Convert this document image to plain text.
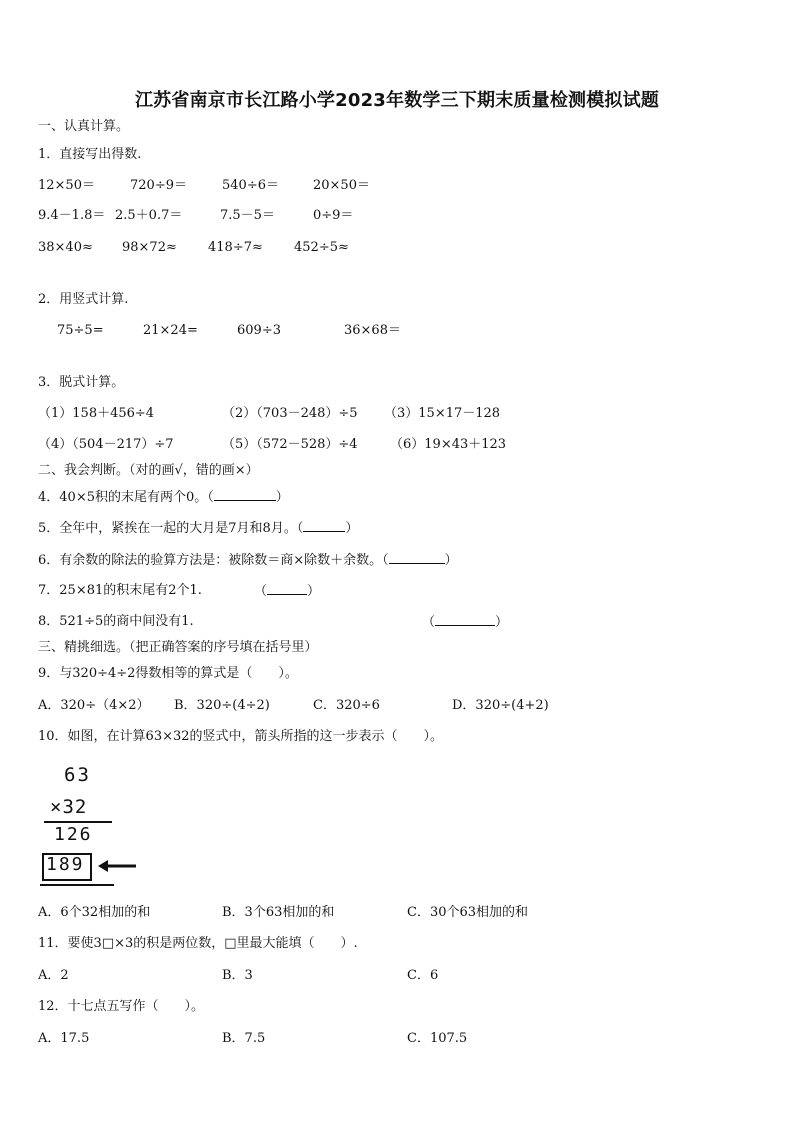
江苏省南京市长江路小学2023年数学三下期末质量检测模拟试题
一、认真计算。
1．直接写出得数.
12×50＝	720÷9＝	540÷6＝	20×50＝
9.4－1.8＝ 2.5＋0.7＝	7.5－5＝	0÷9＝
38×40≈ 98×72≈ 418÷7≈ 452÷5≈
2．用竖式计算.
75÷5=	21×24=	609÷3	36×68＝
3．脱式计算。
（1）158＋456÷4	（2）（703－248）÷5 （3）15×17－128
（4）（504－217）÷7	（5）（572－528）÷4 （6）19×43＋123
二、我会判断。（对的画√，错的画×）
4．40×5积的末尾有两个0。（	）
5．全年中，紧挨在一起的大月是7月和8月。（	）
6．有余数的除法的验算方法是：被除数＝商×除数＋余数。（	）
7．25×81的积末尾有2个1.	（	）
8．521÷5的商中间没有1.	（	）
三、精挑细选。（把正确答案的序号填在括号里）
9．与320÷4÷2得数相等的算式是（　　）。
A．320÷（4×2） B．320÷(4÷2)	C．320÷6	D．320÷(4+2)
10．如图，在计算63×32的竖式中，箭头所指的这一步表示（　　）。
63
×32
126
189
A．6个32相加的和	B．3个63相加的和	C．30个63相加的和
11．要使3□×3的积是两位数，□里最大能填（　　）.
A．2	B．3	C．6
12．十七点五写作（　　）。
A．17.5	B．7.5	C．107.5
